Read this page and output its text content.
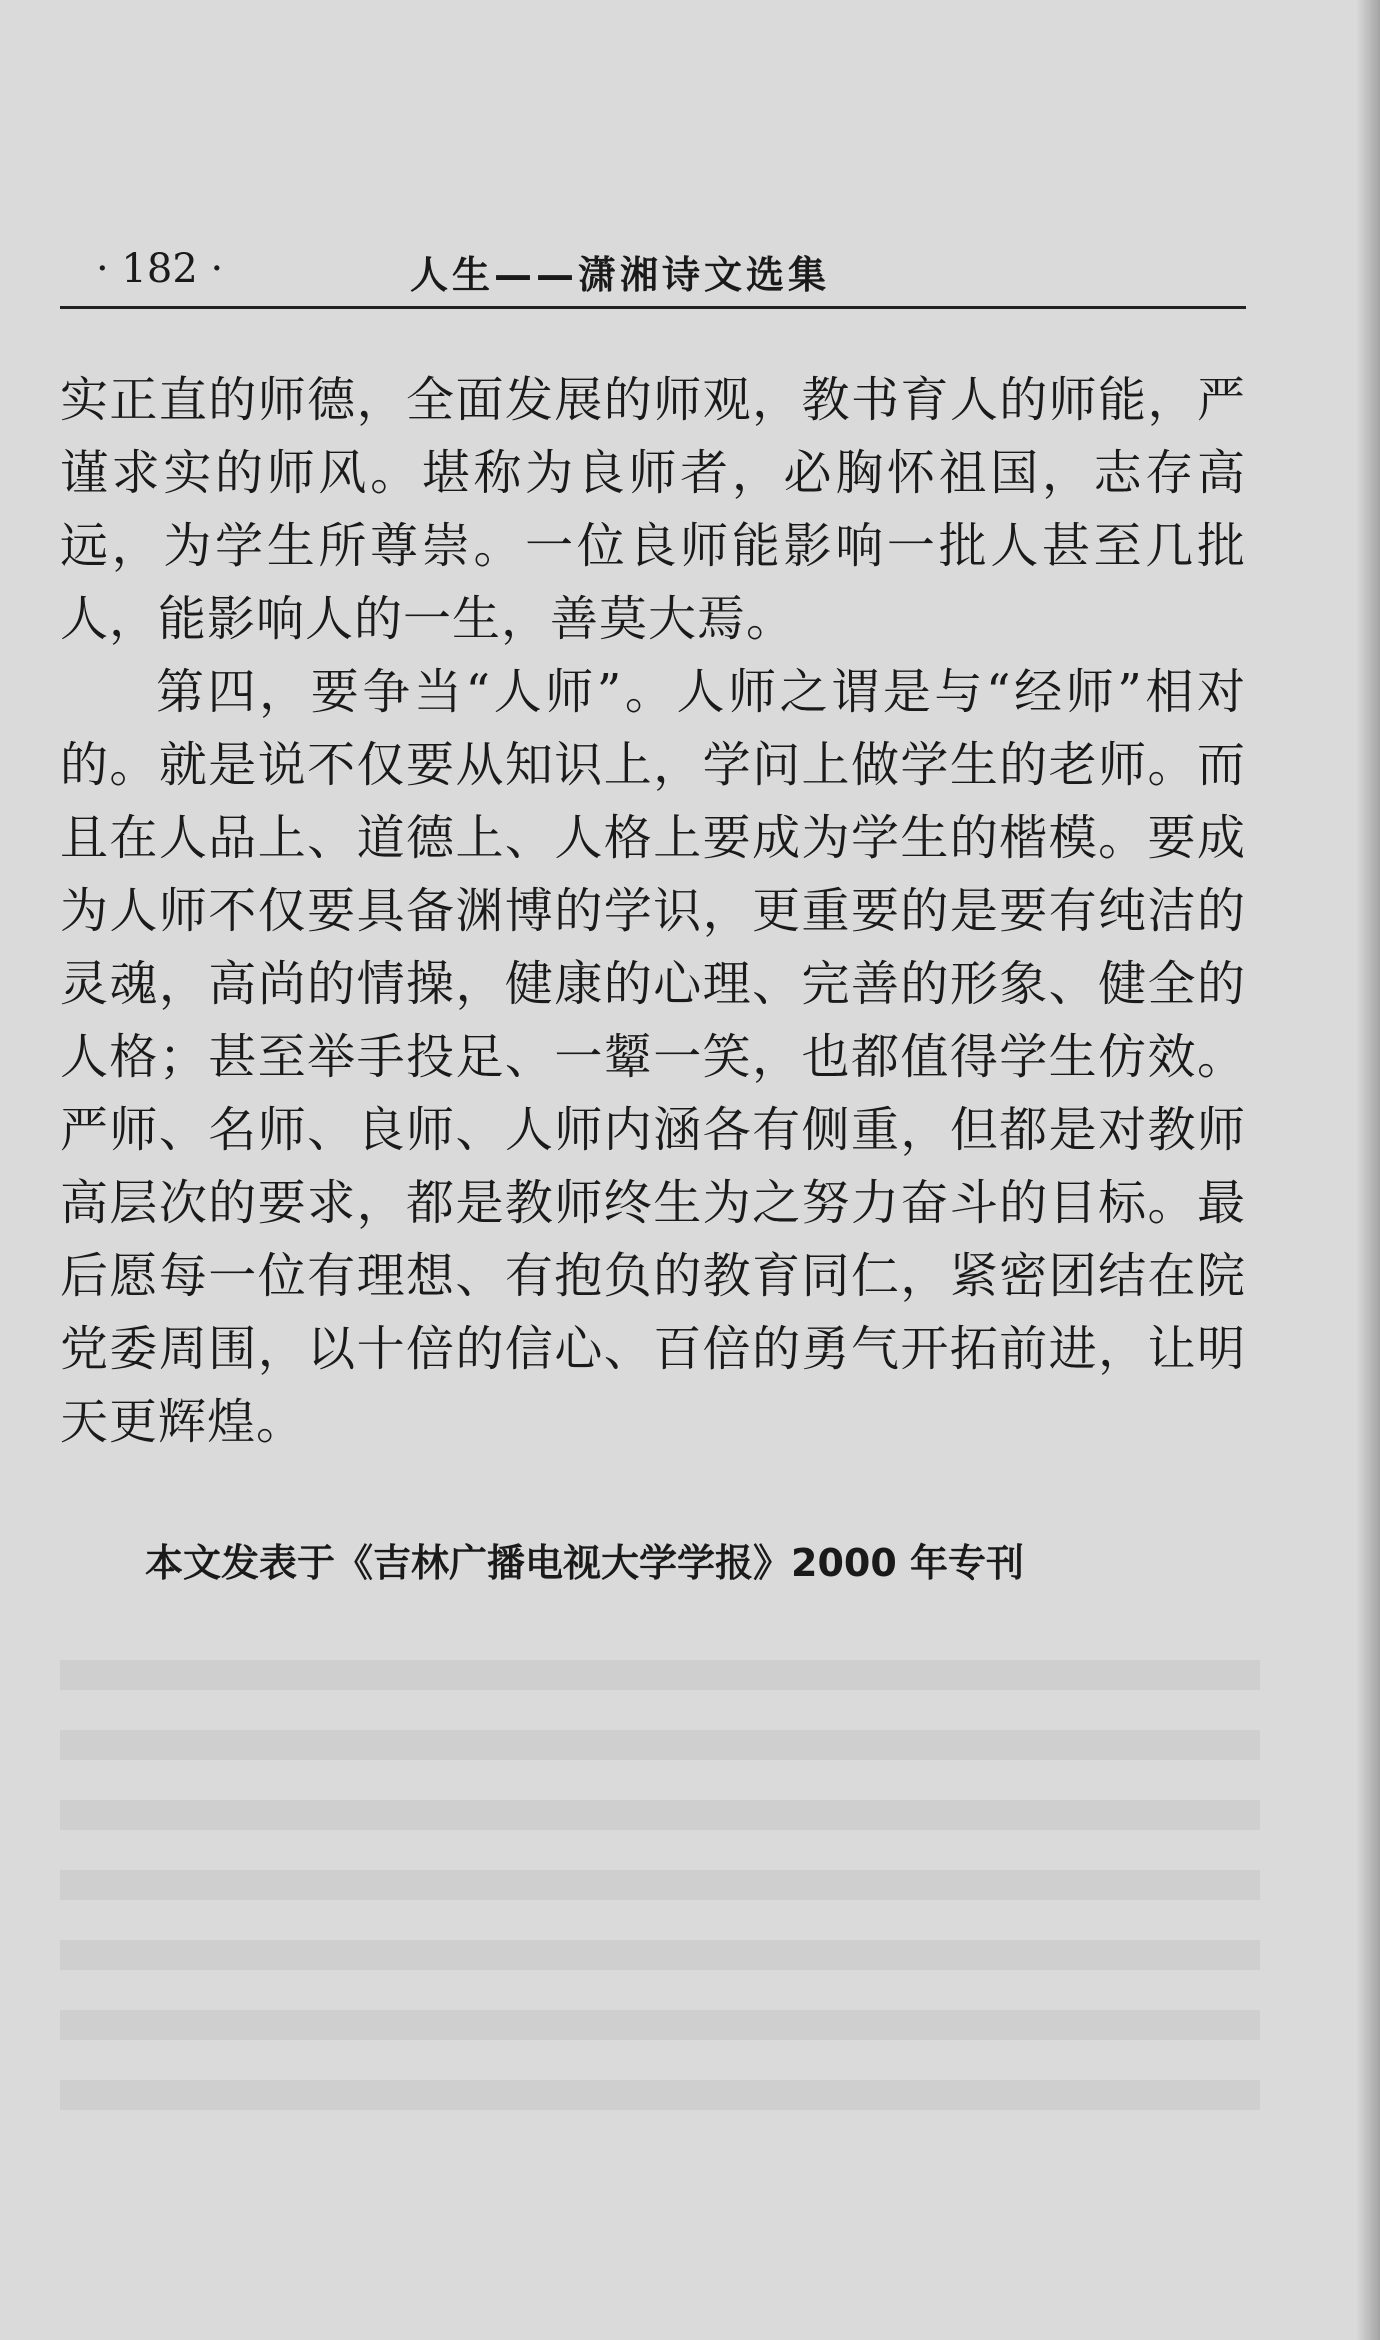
· 182 ·	人生——潇湘诗文选集

实正直的师德，全面发展的师观，教书育人的师能，严谨求实的师风。堪称为良师者，必胸怀祖国，志存高远，为学生所尊崇。一位良师能影响一批人甚至几批人，能影响人的一生，善莫大焉。

第四，要争当“人师”。人师之谓是与“经师”相对的。就是说不仅要从知识上，学问上做学生的老师。而且在人品上、道德上、人格上要成为学生的楷模。要成为人师不仅要具备渊博的学识，更重要的是要有纯洁的灵魂，高尚的情操，健康的心理、完善的形象、健全的人格；甚至举手投足、一颦一笑，也都值得学生仿效。严师、名师、良师、人师内涵各有侧重，但都是对教师高层次的要求，都是教师终生为之努力奋斗的目标。最后愿每一位有理想、有抱负的教育同仁，紧密团结在院党委周围，以十倍的信心、百倍的勇气开拓前进，让明天更辉煌。

本文发表于《吉林广播电视大学学报》2000 年专刊
